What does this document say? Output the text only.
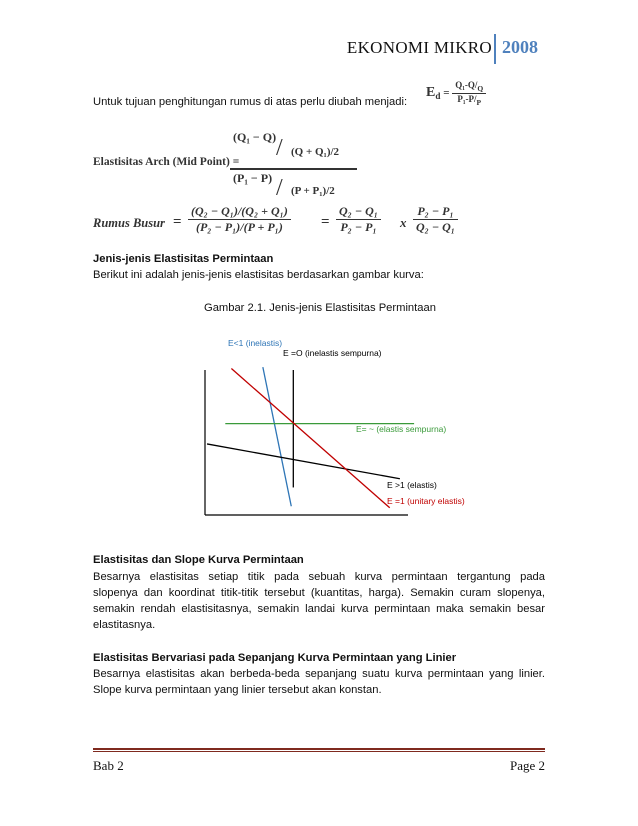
EKONOMI MIKRO 2008
Untuk tujuan penghitungan rumus di atas perlu diubah menjadi:
$E_d = \frac{Q_1-Q/_Q}{P_1-P/_P}$
Elastisitas Arch (Mid Point) =
(Q₁ − Q) / (Q + Q₁)/2
(P₁ − P) / (P + P₁)/2
Rumus Busur = $\frac{\text{(Q₂ − Q₁)/(Q₂ + Q₁)}}{\text{(P₂ − P₁)/(P + P₁)}} = \frac{\text{Q₂ − Q₁}}{\text{P₂ − P₁}}$ x $\frac{\text{P₂ − P₁}}{\text{Q₂ − Q₁}}$
Jenis-jenis Elastisitas Permintaan
Berikut ini adalah jenis-jenis elastisitas berdasarkan gambar kurva:
Gambar 2.1. Jenis-jenis Elastisitas Permintaan
E<1 (inelastis)
E =O (inelastis sempurna)
E= ~ (elastis sempurna)
E >1 (elastis)
E =1 (unitary elastis)
Elastisitas dan Slope Kurva Permintaan
Besarnya elastisitas setiap titik pada sebuah kurva permintaan tergantung pada
slopenya dan koordinat titik-titik tersebut (kuantitas, harga). Semakin curam slopenya,
semakin rendah elastisitasnya, semakin landai kurva permintaan maka semakin besar
elastitasnya.
Elastisitas Bervariasi pada Sepanjang Kurva Permintaan yang Linier
Besarnya elastisitas akan berbeda-beda sepanjang suatu kurva permintaan yang linier.
Slope kurva permintaan yang linier tersebut akan konstan.
Bab 2	Page 2
